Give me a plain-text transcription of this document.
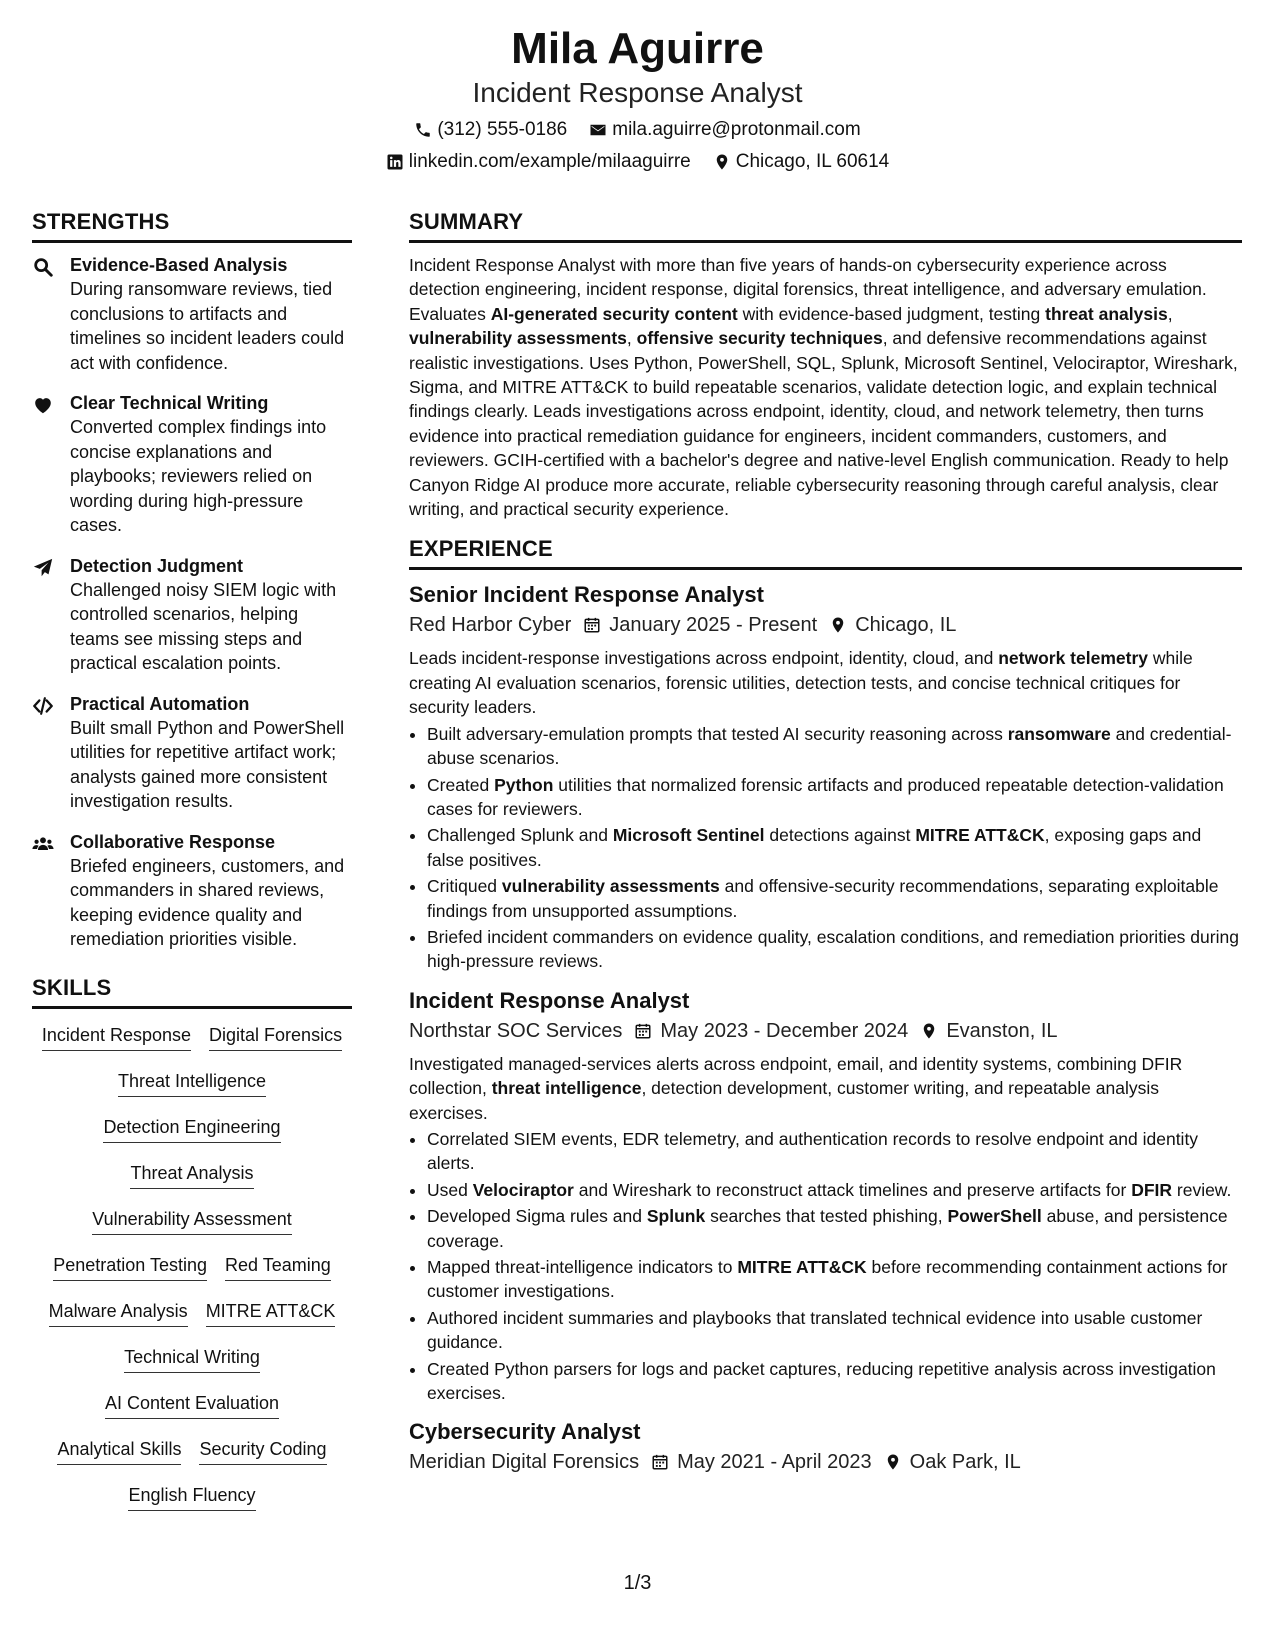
Mila Aguirre
Incident Response Analyst
(312) 555-0186 mila.aguirre@protonmail.com
linkedin.com/example/milaaguirre Chicago, IL 60614
STRENGTHS
Evidence-Based Analysis
During ransomware reviews, tied conclusions to artifacts and timelines so incident leaders could act with confidence.
Clear Technical Writing
Converted complex findings into concise explanations and playbooks; reviewers relied on wording during high-pressure cases.
Detection Judgment
Challenged noisy SIEM logic with controlled scenarios, helping teams see missing steps and practical escalation points.
Practical Automation
Built small Python and PowerShell utilities for repetitive artifact work; analysts gained more consistent investigation results.
Collaborative Response
Briefed engineers, customers, and commanders in shared reviews, keeping evidence quality and remediation priorities visible.
SKILLS
Incident Response Digital Forensics
Threat Intelligence
Detection Engineering
Threat Analysis
Vulnerability Assessment
Penetration Testing Red Teaming
Malware Analysis MITRE ATT&CK
Technical Writing
AI Content Evaluation
Analytical Skills Security Coding
English Fluency
SUMMARY
Incident Response Analyst with more than five years of hands-on cybersecurity experience across detection engineering, incident response, digital forensics, threat intelligence, and adversary emulation. Evaluates AI-generated security content with evidence-based judgment, testing threat analysis, vulnerability assessments, offensive security techniques, and defensive recommendations against realistic investigations. Uses Python, PowerShell, SQL, Splunk, Microsoft Sentinel, Velociraptor, Wireshark, Sigma, and MITRE ATT&CK to build repeatable scenarios, validate detection logic, and explain technical findings clearly. Leads investigations across endpoint, identity, cloud, and network telemetry, then turns evidence into practical remediation guidance for engineers, incident commanders, customers, and reviewers. GCIH-certified with a bachelor's degree and native-level English communication. Ready to help Canyon Ridge AI produce more accurate, reliable cybersecurity reasoning through careful analysis, clear writing, and practical security experience.
EXPERIENCE
Senior Incident Response Analyst
Red Harbor Cyber January 2025 - Present Chicago, IL
Leads incident-response investigations across endpoint, identity, cloud, and network telemetry while creating AI evaluation scenarios, forensic utilities, detection tests, and concise technical critiques for security leaders.
• Built adversary-emulation prompts that tested AI security reasoning across ransomware and credential-abuse scenarios.
• Created Python utilities that normalized forensic artifacts and produced repeatable detection-validation cases for reviewers.
• Challenged Splunk and Microsoft Sentinel detections against MITRE ATT&CK, exposing gaps and false positives.
• Critiqued vulnerability assessments and offensive-security recommendations, separating exploitable findings from unsupported assumptions.
• Briefed incident commanders on evidence quality, escalation conditions, and remediation priorities during high-pressure reviews.
Incident Response Analyst
Northstar SOC Services May 2023 - December 2024 Evanston, IL
Investigated managed-services alerts across endpoint, email, and identity systems, combining DFIR collection, threat intelligence, detection development, customer writing, and repeatable analysis exercises.
• Correlated SIEM events, EDR telemetry, and authentication records to resolve endpoint and identity alerts.
• Used Velociraptor and Wireshark to reconstruct attack timelines and preserve artifacts for DFIR review.
• Developed Sigma rules and Splunk searches that tested phishing, PowerShell abuse, and persistence coverage.
• Mapped threat-intelligence indicators to MITRE ATT&CK before recommending containment actions for customer investigations.
• Authored incident summaries and playbooks that translated technical evidence into usable customer guidance.
• Created Python parsers for logs and packet captures, reducing repetitive analysis across investigation exercises.
Cybersecurity Analyst
Meridian Digital Forensics May 2021 - April 2023 Oak Park, IL
1/3
